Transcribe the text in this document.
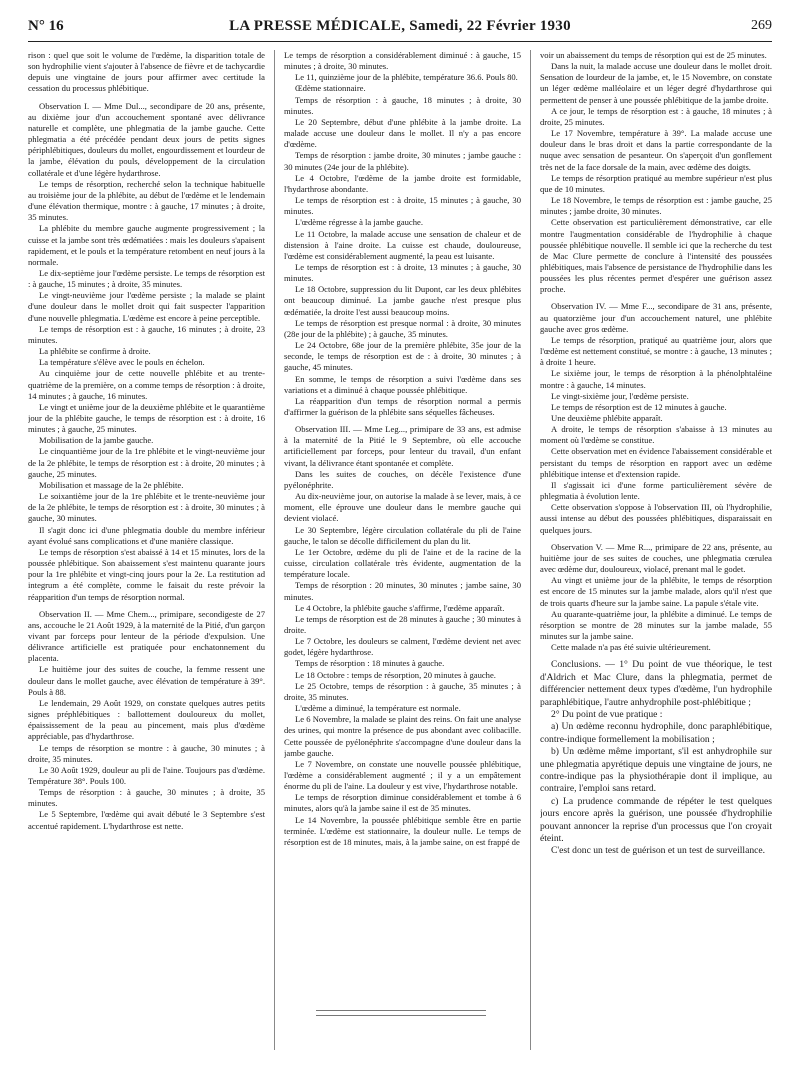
N° 16	LA PRESSE MÉDICALE, Samedi, 22 Février 1930	269

rison : quel que soit le volume de l'œdème, la disparition totale de son hydrophilie vient s'ajouter à l'absence de fièvre et de tachycardie depuis une vingtaine de jours pour affirmer avec certitude la cessation du processus phlébitique.

Observation I. — Mme Dul..., secondipare de 20 ans, présente, au dixième jour d'un accouchement spontané avec délivrance naturelle et complète, une phlegmatia de la jambe gauche. Cette phlegmatia a été précédée pendant deux jours de petits signes périphlébitiques, douleurs du mollet, engourdissement et lourdeur de la jambe, élévation du pouls, développement de la circulation collatérale et d'une légère hydarthrose.

Le temps de résorption, recherché selon la technique habituelle au troisième jour de la phlébite, au début de l'œdème et le lendemain d'une élévation thermique, montre : à gauche, 17 minutes ; à droite, 35 minutes.

La phlébite du membre gauche augmente progressivement ; la cuisse et la jambe sont très œdématiées : mais les douleurs s'apaisent rapidement, et le pouls et la température retombent en neuf jours à la normale.

Le dix-septième jour l'œdème persiste. Le temps de résorption est : à gauche, 15 minutes ; à droite, 35 minutes.

Le vingt-neuvième jour l'œdème persiste ; la malade se plaint d'une douleur dans le mollet droit qui fait suspecter l'apparition d'une nouvelle phlegmatia. L'œdème est encore à peine perceptible.

Le temps de résorption est : à gauche, 16 minutes ; à droite, 23 minutes.

La phlébite se confirme à droite.

La température s'élève avec le pouls en échelon.

Au cinquième jour de cette nouvelle phlébite et au trente-quatrième de la première, on a comme temps de résorption : à droite, 14 minutes ; à gauche, 16 minutes.

Le vingt et unième jour de la deuxième phlébite et le quarantième jour de la phlébite gauche, le temps de résorption est : à droite, 16 minutes ; à gauche, 25 minutes.

Mobilisation de la jambe gauche.

Le cinquantième jour de la 1re phlébite et le vingt-neuvième jour de la 2e phlébite, le temps de résorption est : à droite, 20 minutes ; à gauche, 25 minutes.

Mobilisation et massage de la 2e phlébite.

Le soixantième jour de la 1re phlébite et le trente-neuvième jour de la 2e phlébite, le temps de résorption est : à droite, 30 minutes ; à gauche, 30 minutes.

Il s'agit donc ici d'une phlegmatia double du membre inférieur ayant évolué sans complications et d'une manière classique.

Le temps de résorption s'est abaissé à 14 et 15 minutes, lors de la poussée phlébitique. Son abaissement s'est maintenu quarante jours pour la 1re phlébite et vingt-cinq jours pour la 2e. La restitution ad integrum a été complète, comme le faisait du reste prévoir la réapparition d'un temps de résorption normal.

Observation II. — Mme Chem..., primipare, secondigeste de 27 ans, accouche le 21 Août 1929, à la maternité de la Pitié, d'un garçon vivant par forceps pour lenteur de la période d'expulsion. Une délivrance artificielle est pratiquée pour enchatonnement du placenta.

Le huitième jour des suites de couche, la femme ressent une douleur dans le mollet gauche, avec élévation de température à 39°. Pouls à 88.

Le lendemain, 29 Août 1929, on constate quelques autres petits signes préphlébitiques : ballottement douloureux du mollet, épaississement de la peau au pincement, mais plus d'œdème appréciable, pas d'hydarthrose.

Le temps de résorption se montre : à gauche, 30 minutes ; à droite, 35 minutes.

Le 30 Août 1929, douleur au pli de l'aine. Toujours pas d'œdème. Température 38°. Pouls 100.

Temps de résorption : à gauche, 30 minutes ; à droite, 35 minutes.

Le 5 Septembre, l'œdème qui avait débuté le 3 Septembre s'est accentué rapidement. L'hydarthrose est nette.

Le temps de résorption a considérablement diminué : à gauche, 15 minutes ; à droite, 30 minutes.

Le 11, quinzième jour de la phlébite, température 36.6. Pouls 80.

Œdème stationnaire.

Temps de résorption : à gauche, 18 minutes ; à droite, 30 minutes.

Le 20 Septembre, début d'une phlébite à la jambe droite. La malade accuse une douleur dans le mollet. Il n'y a pas encore d'œdème.

Temps de résorption : jambe droite, 30 minutes ; jambe gauche : 30 minutes (24e jour de la phlébite).

Le 4 Octobre, l'œdème de la jambe droite est formidable, l'hydarthrose abondante.

Le temps de résorption est : à droite, 15 minutes ; à gauche, 30 minutes.

L'œdème régresse à la jambe gauche.

Le 11 Octobre, la malade accuse une sensation de chaleur et de distension à l'aine droite. La cuisse est chaude, douloureuse, l'œdème est considérablement augmenté, la peau est luisante.

Le temps de résorption est : à droite, 13 minutes ; à gauche, 30 minutes.

Le 18 Octobre, suppression du lit Dupont, car les deux phlébites ont beaucoup diminué. La jambe gauche n'est presque plus œdématiée, la droite l'est aussi beaucoup moins.

Le temps de résorption est presque normal : à droite, 30 minutes (28e jour de la phlébite) ; à gauche, 35 minutes.

Le 24 Octobre, 68e jour de la première phlébite, 35e jour de la seconde, le temps de résorption est de : à droite, 30 minutes ; à gauche, 45 minutes.

En somme, le temps de résorption a suivi l'œdème dans ses variations et a diminué à chaque poussée phlébitique.

La réapparition d'un temps de résorption normal a permis d'affirmer la guérison de la phlébite sans séquelles fâcheuses.

Observation III. — Mme Leg..., primipare de 33 ans, est admise à la maternité de la Pitié le 9 Septembre, où elle accouche artificiellement par forceps, pour lenteur du travail, d'un enfant vivant, la délivrance étant spontanée et complète.

Dans les suites de couches, on décèle l'existence d'une pyélonéphrite.

Au dix-neuvième jour, on autorise la malade à se lever, mais, à ce moment, elle éprouve une douleur dans le membre gauche qui devient violacé.

Le 30 Septembre, légère circulation collatérale du pli de l'aine gauche, le talon se décolle difficilement du plan du lit.

Le 1er Octobre, œdème du pli de l'aine et de la racine de la cuisse, circulation collatérale très évidente, augmentation de la température locale.

Temps de résorption : 20 minutes, 30 minutes ; jambe saine, 30 minutes.

Le 4 Octobre, la phlébite gauche s'affirme, l'œdème apparaît.

Le temps de résorption est de 28 minutes à gauche ; 30 minutes à droite.

Le 7 Octobre, les douleurs se calment, l'œdème devient net avec godet, légère hydarthrose.

Temps de résorption : 18 minutes à gauche.

Le 18 Octobre : temps de résorption, 20 minutes à gauche.

Le 25 Octobre, temps de résorption : à gauche, 35 minutes ; à droite, 35 minutes.

L'œdème a diminué, la température est normale.

Le 6 Novembre, la malade se plaint des reins. On fait une analyse des urines, qui montre la présence de pus abondant avec colibacille. Cette poussée de pyélonéphrite s'accompagne d'une douleur dans la jambe gauche.

Le 7 Novembre, on constate une nouvelle poussée phlébitique, l'œdème a considérablement augmenté ; il y a un empâtement énorme du pli de l'aine. La douleur y est vive, l'hydarthrose notable.

Le temps de résorption diminue considérablement et tombe à 6 minutes, alors qu'à la jambe saine il est de 35 minutes.

Le 14 Novembre, la poussée phlébitique semble être en partie terminée. L'œdème est stationnaire, la douleur nulle. Le temps de résorption est de 18 minutes, mais, à la jambe saine, on est frappé de

voir un abaissement du temps de résorption qui est de 25 minutes.

Dans la nuit, la malade accuse une douleur dans le mollet droit. Sensation de lourdeur de la jambe, et, le 15 Novembre, on constate un léger œdème malléolaire et un léger degré d'hydarthrose qui permettent de penser à une poussée phlébitique de la jambe droite.

A ce jour, le temps de résorption est : à gauche, 18 minutes ; à droite, 25 minutes.

Le 17 Novembre, température à 39°. La malade accuse une douleur dans le bras droit et dans la partie correspondante de la nuque avec sensation de pesanteur. On s'aperçoit d'un gonflement très net de la face dorsale de la main, avec œdème des doigts.

Le temps de résorption pratiqué au membre supérieur n'est plus que de 10 minutes.

Le 18 Novembre, le temps de résorption est : jambe gauche, 25 minutes ; jambe droite, 30 minutes.

Cette observation est particulièrement démonstrative, car elle montre l'augmentation considérable de l'hydrophilie à chaque poussée phlébitique nouvelle. Il semble ici que la recherche du test de Mac Clure permette de conclure à l'intensité des poussées phlébitiques, mais l'absence de persistance de l'hydrophilie dans les poussées les plus récentes permet d'espérer une guérison assez proche.

Observation IV. — Mme F..., secondipare de 31 ans, présente, au quatorzième jour d'un accouchement naturel, une phlébite gauche avec gros œdème.

Le temps de résorption, pratiqué au quatrième jour, alors que l'œdème est nettement constitué, se montre : à gauche, 13 minutes ; à droite 1 heure.

Le sixième jour, le temps de résorption à la phénolphtaléine montre : à gauche, 14 minutes.

Le vingt-sixième jour, l'œdème persiste.

Le temps de résorption est de 12 minutes à gauche.

Une deuxième phlébite apparaît.

A droite, le temps de résorption s'abaisse à 13 minutes au moment où l'œdème se constitue.

Cette observation met en évidence l'abaissement considérable et persistant du temps de résorption en rapport avec un œdème phlébitique intense et d'extension rapide.

Il s'agissait ici d'une forme particulièrement sévère de phlegmatia à évolution lente.

Cette observation s'oppose à l'observation III, où l'hydrophilie, aussi intense au début des poussées phlébitiques, disparaissait en quelques jours.

Observation V. — Mme R..., primipare de 22 ans, présente, au huitième jour de ses suites de couches, une phlegmatia cœrulea avec œdème dur, douloureux, violacé, prenant mal le godet.

Au vingt et unième jour de la phlébite, le temps de résorption est encore de 15 minutes sur la jambe malade, alors qu'il n'est que de trois quarts d'heure sur la jambe saine. La papule s'étale vite.

Au quarante-quatrième jour, la phlébite a diminué. Le temps de résorption se montre de 28 minutes sur la jambe malade, 55 minutes sur la jambe saine.

Cette malade n'a pas été suivie ultérieurement.

Conclusions. — 1° Du point de vue théorique, le test d'Aldrich et Mac Clure, dans la phlegmatia, permet de différencier nettement deux types d'œdème, l'un hydrophile paraphlébitique, l'autre anhydrophile post-phlébitique ;

2° Du point de vue pratique :

a) Un œdème reconnu hydrophile, donc paraphlébitique, contre-indique formellement la mobilisation ;

b) Un œdème même important, s'il est anhydrophile sur une phlegmatia apyrétique depuis une vingtaine de jours, ne contre-indique pas la physiothérapie dont il implique, au contraire, l'emploi sans retard.

c) La prudence commande de répéter le test quelques jours encore après la guérison, une poussée d'hydrophilie pouvant annoncer la reprise d'un processus que l'on croyait éteint.

C'est donc un test de guérison et un test de surveillance.
